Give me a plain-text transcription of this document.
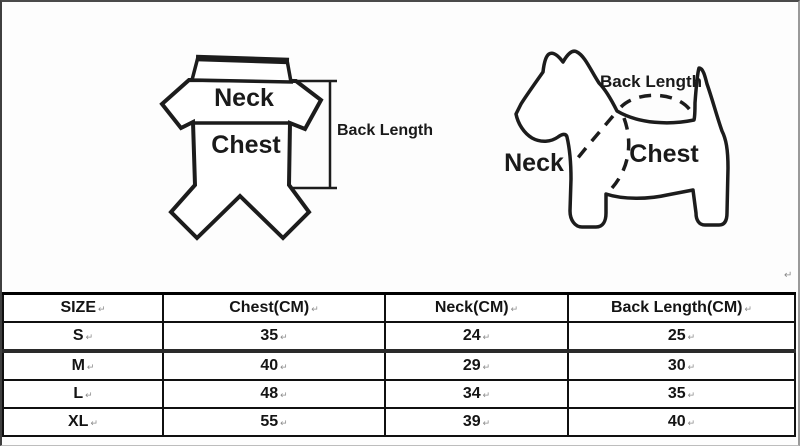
Neck
Chest
Back Length
Neck	Chest
Back Length
↵
SIZE ↵	Chest(CM) ↵	Neck(CM) ↵	Back Length(CM) ↵
S ↵	35 ↵	24 ↵	25 ↵
M ↵	40 ↵	29 ↵	30 ↵
L ↵	48 ↵	34 ↵	35 ↵
XL ↵	55 ↵	39 ↵	40 ↵
